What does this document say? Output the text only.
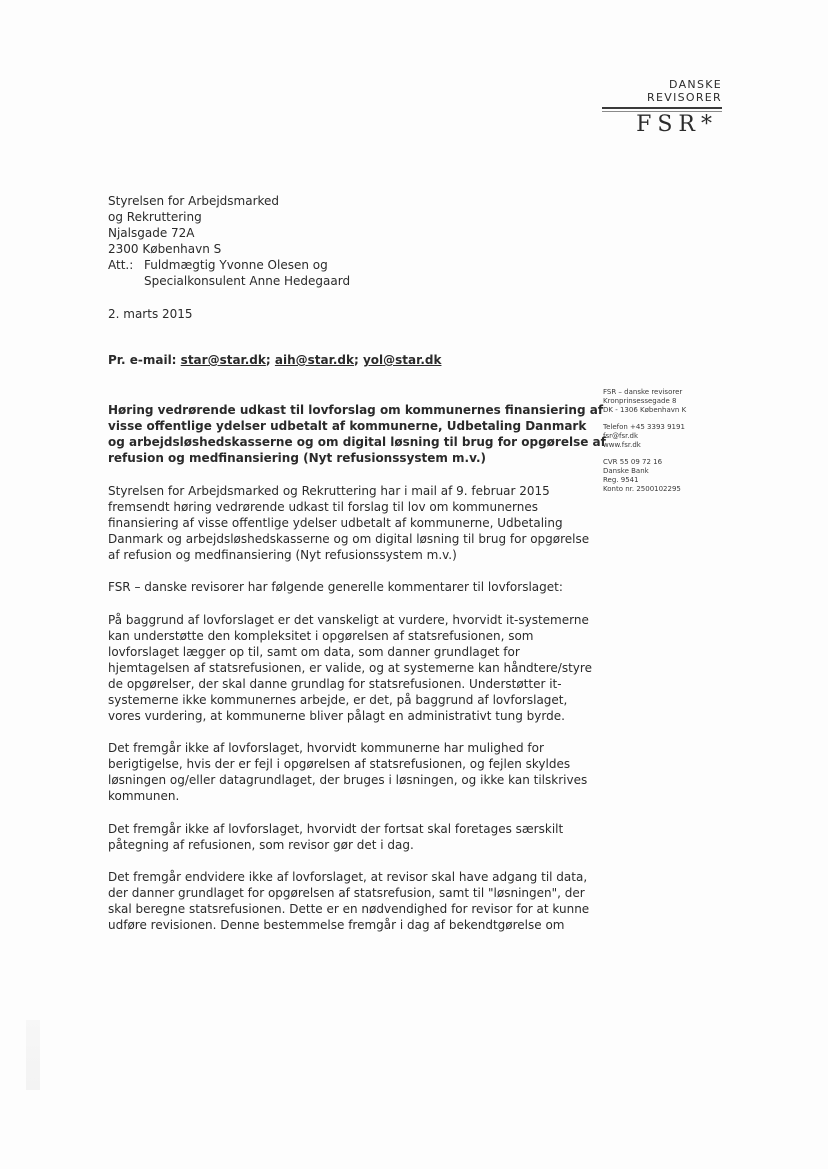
DANSKE
REVISORER
FSR*
Styrelsen for Arbejdsmarked
og Rekruttering
Njalsgade 72A
2300 København S
Att.: Fuldmægtig Yvonne Olesen og
Specialkonsulent Anne Hedegaard
2. marts 2015
Pr. e-mail: star@star.dk; aih@star.dk; yol@star.dk
FSR – danske revisorer
Kronprinsessegade 8
DK - 1306 København K
Telefon +45 3393 9191
fsr@fsr.dk
www.fsr.dk
CVR 55 09 72 16
Danske Bank
Reg. 9541
Konto nr. 2500102295
Høring vedrørende udkast til lovforslag om kommunernes finansiering af
visse offentlige ydelser udbetalt af kommunerne, Udbetaling Danmark
og arbejdsløshedskasserne og om digital løsning til brug for opgørelse af
refusion og medfinansiering (Nyt refusionssystem m.v.)
Styrelsen for Arbejdsmarked og Rekruttering har i mail af 9. februar 2015
fremsendt høring vedrørende udkast til forslag til lov om kommunernes
finansiering af visse offentlige ydelser udbetalt af kommunerne, Udbetaling
Danmark og arbejdsløshedskasserne og om digital løsning til brug for opgørelse
af refusion og medfinansiering (Nyt refusionssystem m.v.)
FSR – danske revisorer har følgende generelle kommentarer til lovforslaget:
På baggrund af lovforslaget er det vanskeligt at vurdere, hvorvidt it-systemerne
kan understøtte den kompleksitet i opgørelsen af statsrefusionen, som
lovforslaget lægger op til, samt om data, som danner grundlaget for
hjemtagelsen af statsrefusionen, er valide, og at systemerne kan håndtere/styre
de opgørelser, der skal danne grundlag for statsrefusionen. Understøtter it-
systemerne ikke kommunernes arbejde, er det, på baggrund af lovforslaget,
vores vurdering, at kommunerne bliver pålagt en administrativt tung byrde.
Det fremgår ikke af lovforslaget, hvorvidt kommunerne har mulighed for
berigtigelse, hvis der er fejl i opgørelsen af statsrefusionen, og fejlen skyldes
løsningen og/eller datagrundlaget, der bruges i løsningen, og ikke kan tilskrives
kommunen.
Det fremgår ikke af lovforslaget, hvorvidt der fortsat skal foretages særskilt
påtegning af refusionen, som revisor gør det i dag.
Det fremgår endvidere ikke af lovforslaget, at revisor skal have adgang til data,
der danner grundlaget for opgørelsen af statsrefusion, samt til "løsningen", der
skal beregne statsrefusionen. Dette er en nødvendighed for revisor for at kunne
udføre revisionen. Denne bestemmelse fremgår i dag af bekendtgørelse om
